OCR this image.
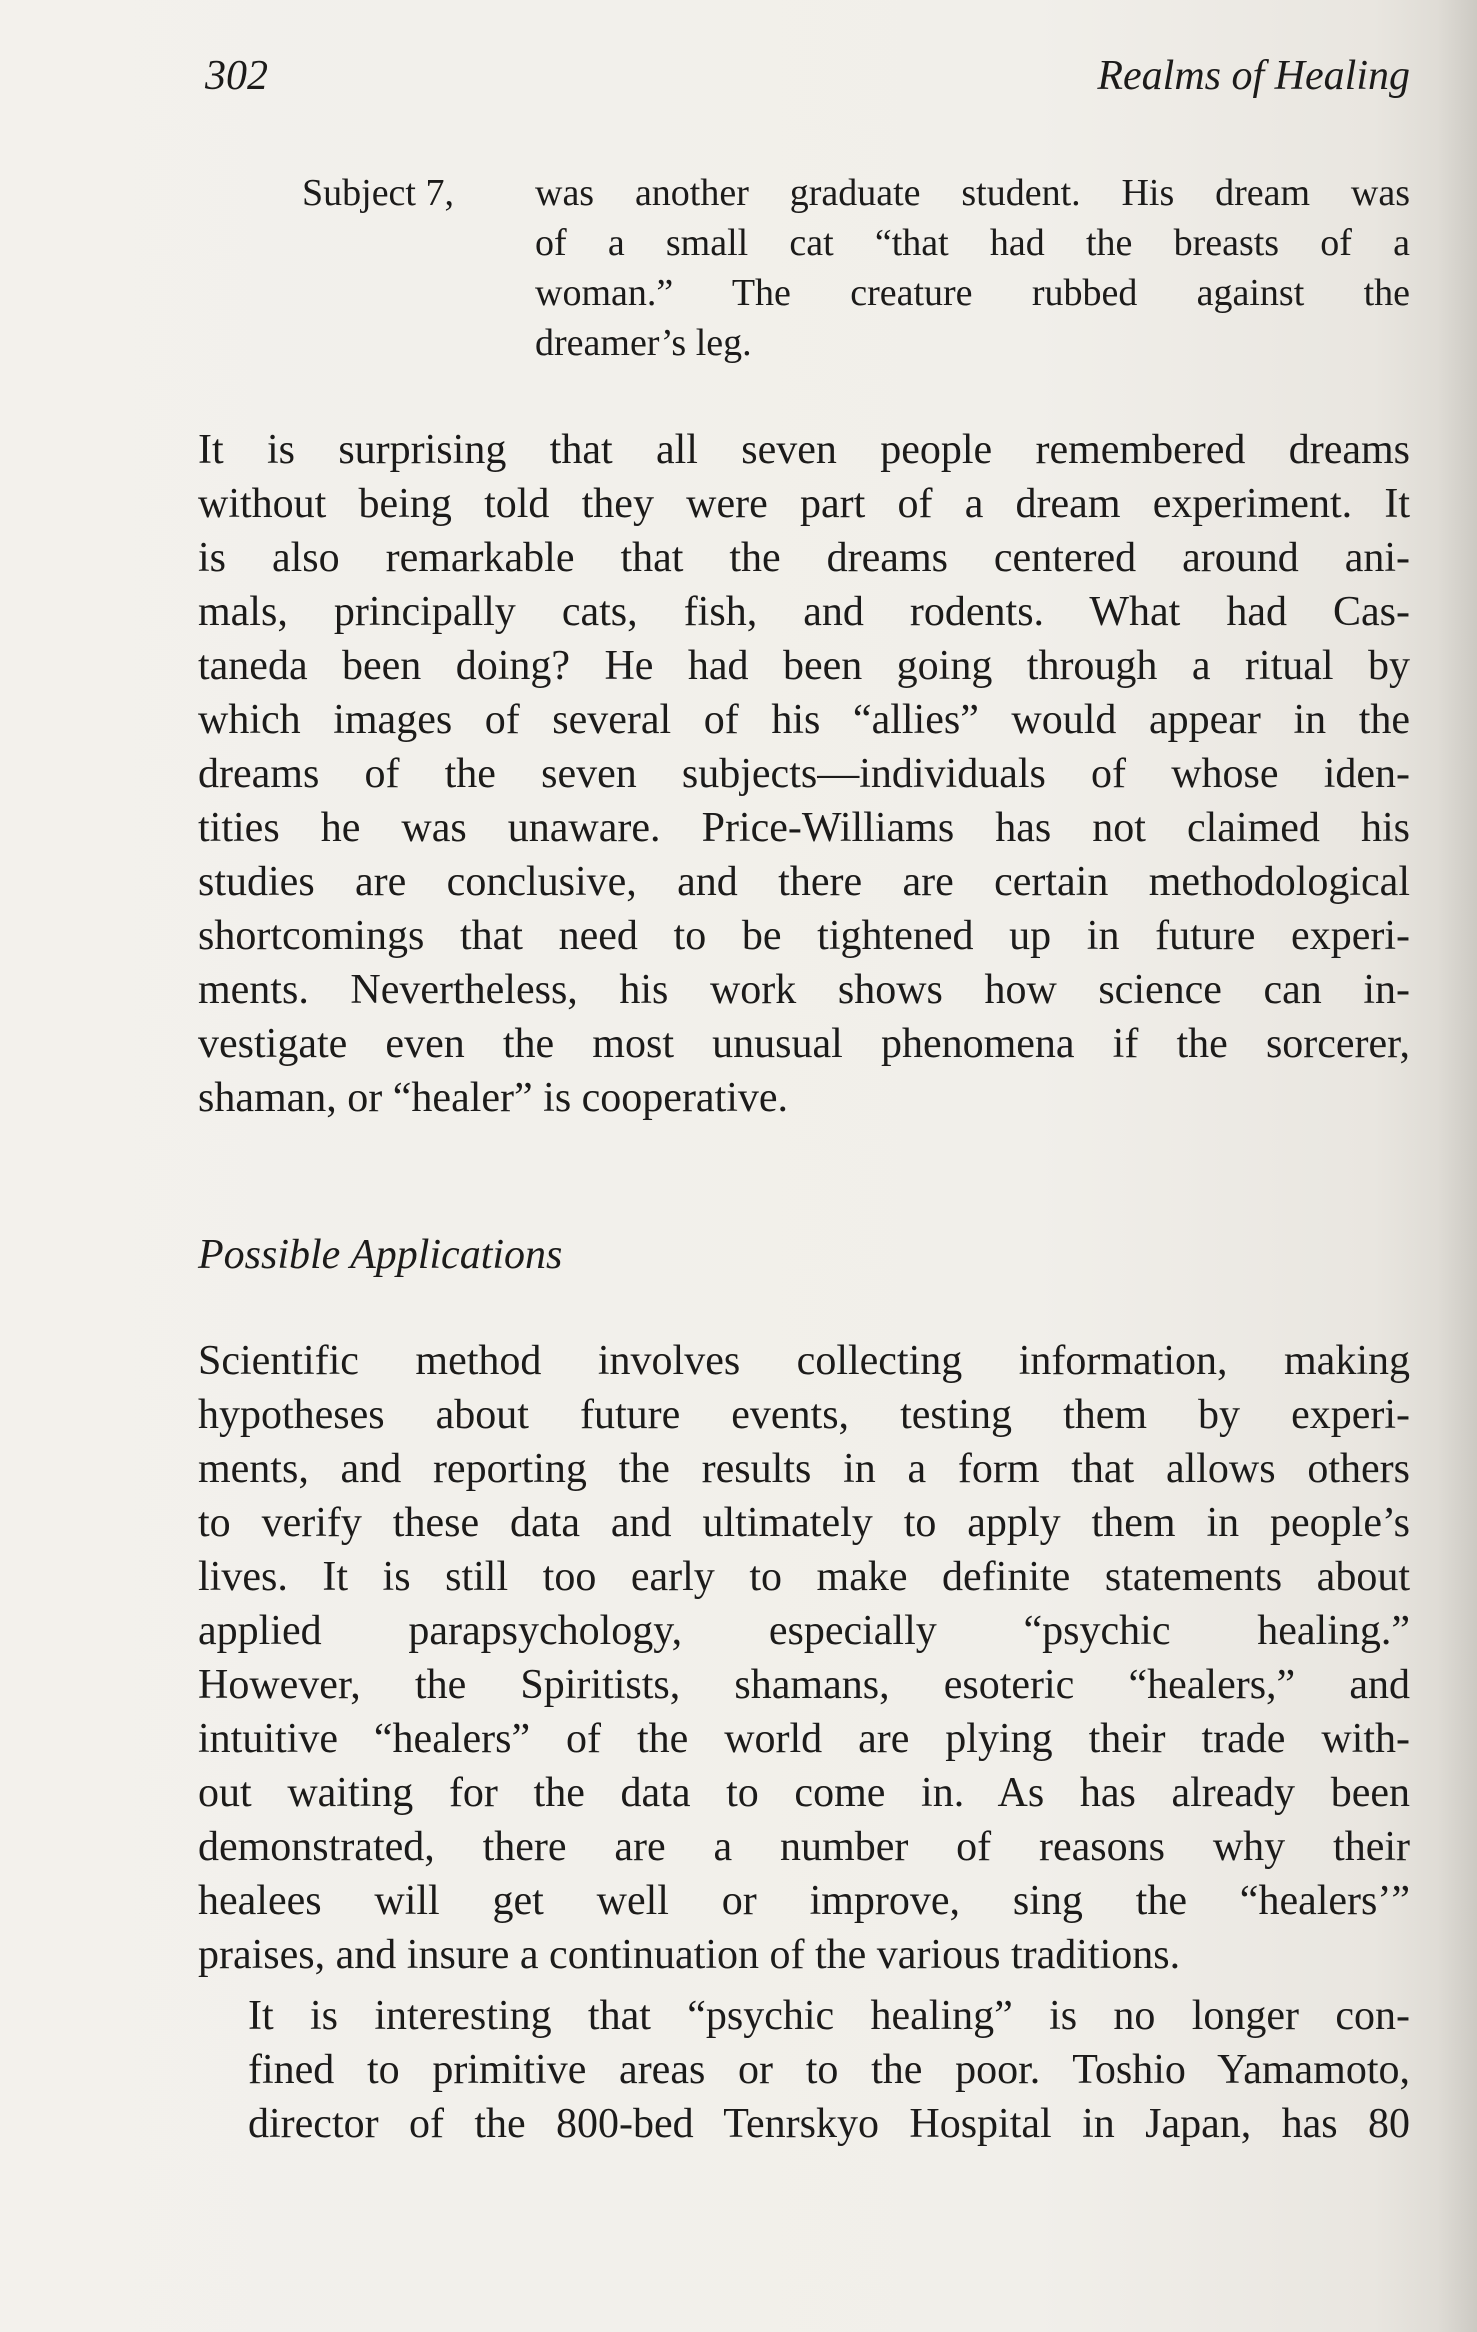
302	Realms of Healing
Subject 7, was another graduate student. His dream was
of a small cat “that had the breasts of a
woman.” The creature rubbed against the
dreamer’s leg.
It is surprising that all seven people remembered dreams
without being told they were part of a dream experiment. It
is also remarkable that the dreams centered around ani-
mals, principally cats, fish, and rodents. What had Cas-
taneda been doing? He had been going through a ritual by
which images of several of his “allies” would appear in the
dreams of the seven subjects—individuals of whose iden-
tities he was unaware. Price-Williams has not claimed his
studies are conclusive, and there are certain methodological
shortcomings that need to be tightened up in future experi-
ments. Nevertheless, his work shows how science can in-
vestigate even the most unusual phenomena if the sorcerer,
shaman, or “healer” is cooperative.
Possible Applications
Scientific method involves collecting information, making
hypotheses about future events, testing them by experi-
ments, and reporting the results in a form that allows others
to verify these data and ultimately to apply them in people’s
lives. It is still too early to make definite statements about
applied parapsychology, especially “psychic healing.”
However, the Spiritists, shamans, esoteric “healers,” and
intuitive “healers” of the world are plying their trade with-
out waiting for the data to come in. As has already been
demonstrated, there are a number of reasons why their
healees will get well or improve, sing the “healers’”
praises, and insure a continuation of the various traditions.
It is interesting that “psychic healing” is no longer con-
fined to primitive areas or to the poor. Toshio Yamamoto,
director of the 800-bed Tenrskyo Hospital in Japan, has 80
